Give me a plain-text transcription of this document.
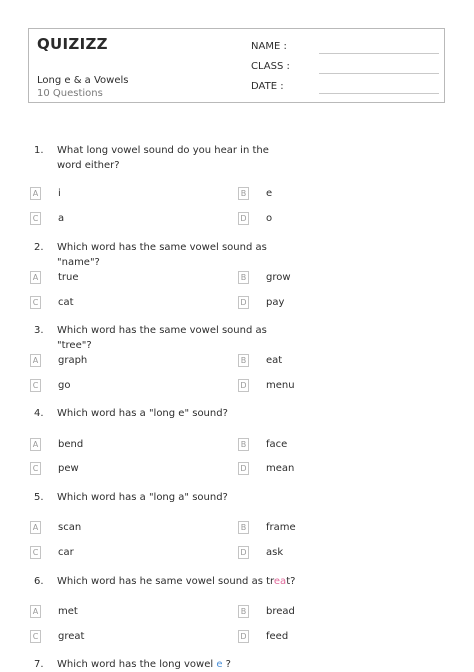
QUIZIZZ
Long e & a Vowels
10 Questions
NAME :
CLASS :
DATE :
1. What long vowel sound do you hear in the word either?
A i	B e
C a	D o
2. Which word has the same vowel sound as "name"?
A true	B grow
C cat	D pay
3. Which word has the same vowel sound as "tree"?
A graph	B eat
C go	D menu
4. Which word has a "long e" sound?
A bend	B face
C pew	D mean
5. Which word has a "long a" sound?
A scan	B frame
C car	D ask
6. Which word has he same vowel sound as treat?
A met	B bread
C great	D feed
7. Which word has the long vowel e ?
